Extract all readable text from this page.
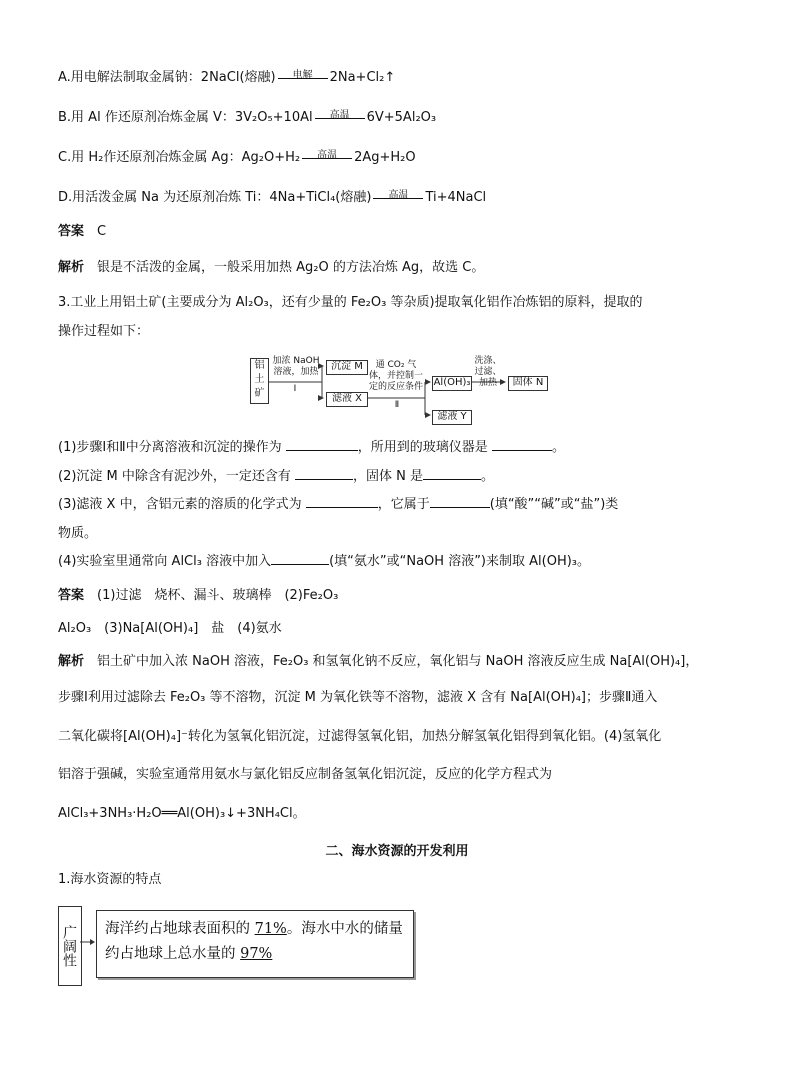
A.用电解法制取金属钠：2NaCl(熔融)	电解	2Na+Cl₂↑
B.用 Al 作还原剂冶炼金属 V：3V₂O₅+10Al	高温	6V+5Al₂O₃
C.用 H₂作还原剂冶炼金属 Ag：Ag₂O+H₂	高温	2Ag+H₂O
D.用活泼金属 Na 为还原剂冶炼 Ti：4Na+TiCl₄(熔融)	高温	Ti+4NaCl
答案　 C
解析　 银是不活泼的金属，一般采用加热 Ag₂O 的方法冶炼 Ag，故选 C。
3.工业上用铝土矿(主要成分为 Al₂O₃，还有少量的 Fe₂O₃ 等杂质)提取氧化铝作冶炼铝的原料，提取的
操作过程如下：
铝土矿
加浓 NaOH 溶液，加热
Ⅰ
沉淀 M
滤液 X
通 CO₂ 气体，并控制一定的反应条件
Ⅱ
Al(OH)₃
洗涤、过滤、加热	固体 N
滤液 Y
(1)步骤Ⅰ和Ⅱ中分离溶液和沉淀的操作为	，所用到的玻璃仪器是	。
(2)沉淀 M 中除含有泥沙外，一定还含有	，固体 N 是	。
(3)滤液 X 中，含铝元素的溶质的化学式为	，它属于	(填“酸”“碱”或“盐”)类
物质。
(4)实验室里通常向 AlCl₃ 溶液中加入	(填“氨水”或“NaOH 溶液”)来制取 Al(OH)₃。
答案　 (1)过滤　烧杯、漏斗、玻璃棒　(2)Fe₂O₃
Al₂O₃　(3)Na[Al(OH)₄]　盐　(4)氨水
解析　 铝土矿中加入浓 NaOH 溶液，Fe₂O₃ 和氢氧化钠不反应，氧化铝与 NaOH 溶液反应生成 Na[Al(OH)₄]，
步骤Ⅰ利用过滤除去 Fe₂O₃ 等不溶物，沉淀 M 为氧化铁等不溶物，滤液 X 含有 Na[Al(OH)₄]；步骤Ⅱ通入
二氧化碳将[Al(OH)₄]⁻转化为氢氧化铝沉淀，过滤得氢氧化铝，加热分解氢氧化铝得到氧化铝。(4)氢氧化
铝溶于强碱，实验室通常用氨水与氯化铝反应制备氢氧化铝沉淀，反应的化学方程式为
AlCl₃+3NH₃·H₂O══Al(OH)₃↓+3NH₄Cl。
二、海水资源的开发利用
1.海水资源的特点
广阔性	海洋约占地球表面积的 71%。海水中水的储量约占地球上总水量的 97%
